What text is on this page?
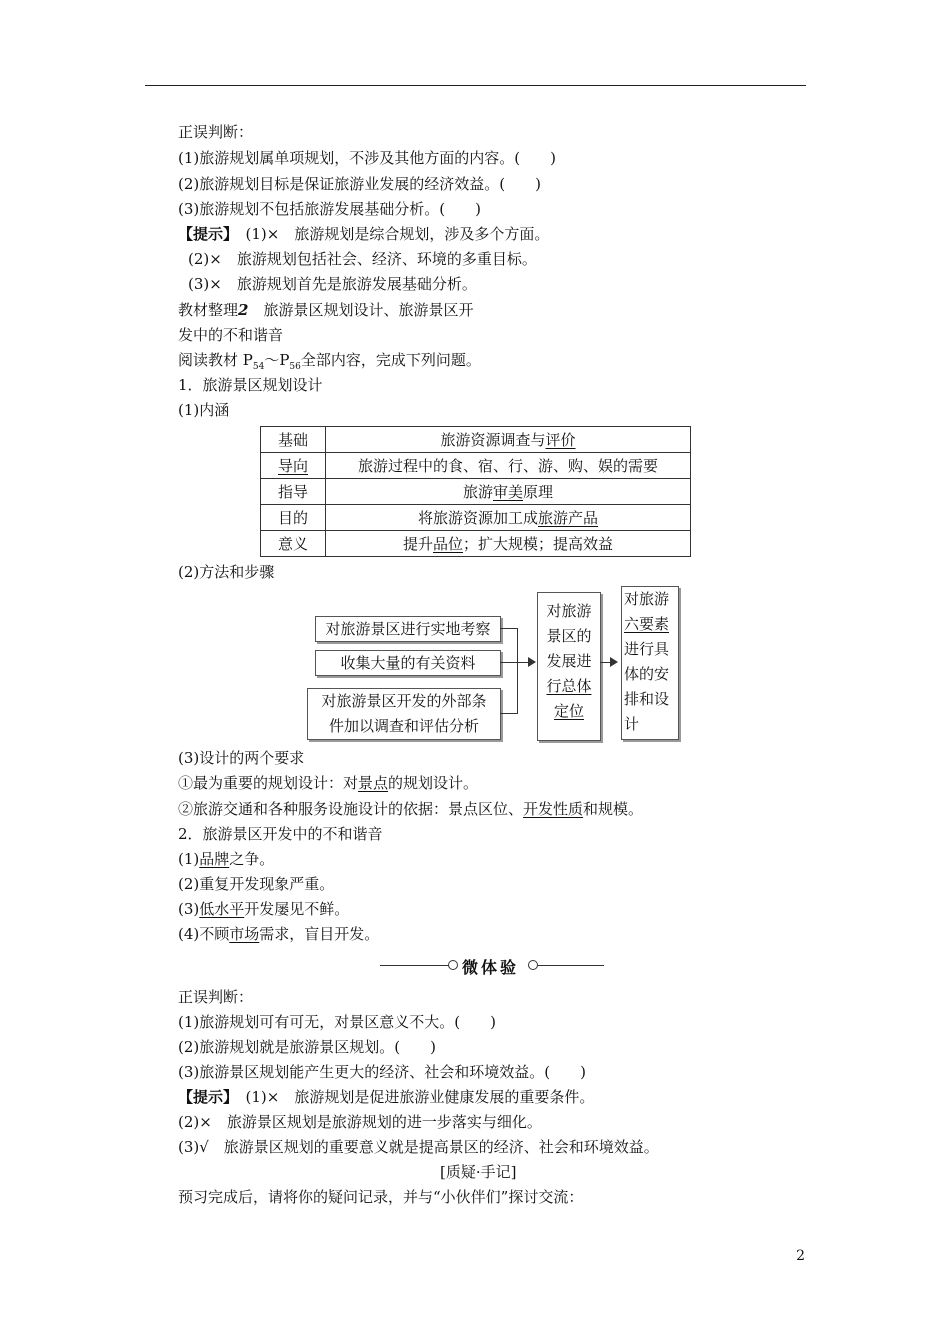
正误判断：
(1)旅游规划属单项规划，不涉及其他方面的内容。(　　)
(2)旅游规划目标是保证旅游业发展的经济效益。(　　)
(3)旅游规划不包括旅游发展基础分析。(　　)
【提示】　(1)×　旅游规划是综合规划，涉及多个方面。
(2)×　旅游规划包括社会、经济、环境的多重目标。
(3)×　旅游规划首先是旅游发展基础分析。
教材整理2　旅游景区规划设计、旅游景区开
发中的不和谐音
阅读教材 $P_{54}\sim P_{56}$全部内容，完成下列问题。
1．旅游景区规划设计
(1)内涵
基础	旅游资源调查与评价
导向	旅游过程中的食、宿、行、游、购、娱的需要
指导	旅游审美原理
目的	将旅游资源加工成旅游产品
意义	提升品位；扩大规模；提高效益
(2)方法和步骤
对旅游景区进行实地考察
收集大量的有关资料
对旅游景区开发的外部条
件加以调查和评估分析
对旅游
景区的
发展进
行总体
定位
对旅游
六要素
进行具
体的安
排和设
计
(3)设计的两个要求
①最为重要的规划设计：对景点的规划设计。
②旅游交通和各种服务设施设计的依据：景点区位、开发性质和规模。
2．旅游景区开发中的不和谐音
(1)品牌之争。
(2)重复开发现象严重。
(3)低水平开发屡见不鲜。
(4)不顾市场需求，盲目开发。
微体验
正误判断：
(1)旅游规划可有可无，对景区意义不大。(　　)
(2)旅游规划就是旅游景区规划。(　　)
(3)旅游景区规划能产生更大的经济、社会和环境效益。(　　)
【提示】　(1)×　旅游规划是促进旅游业健康发展的重要条件。
(2)×　旅游景区规划是旅游规划的进一步落实与细化。
(3)√　旅游景区规划的重要意义就是提高景区的经济、社会和环境效益。
[质疑·手记]
预习完成后，请将你的疑问记录，并与“小伙伴们”探讨交流：
2
